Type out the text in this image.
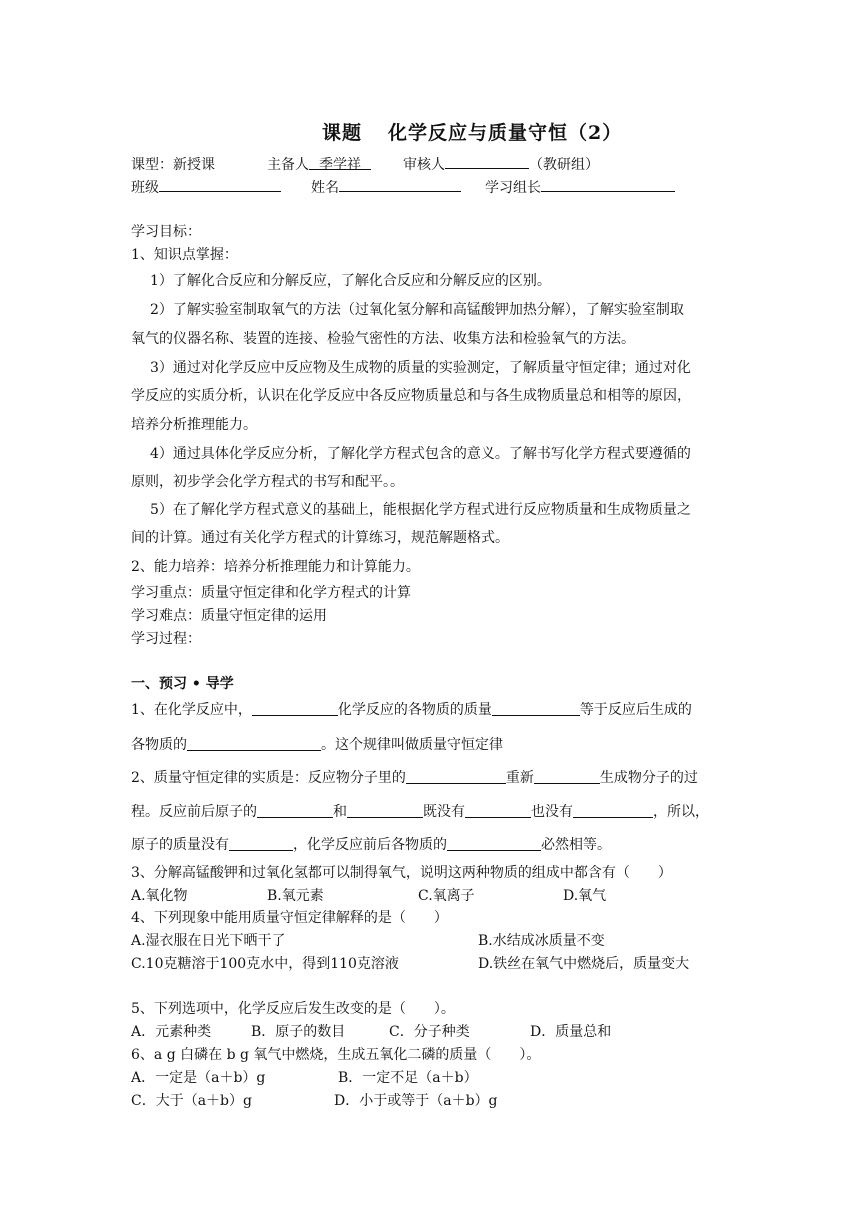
课题 化学反应与质量守恒（2）
课型：新授课	主备人 季学祥	审核人	（教研组）
班级	姓名	学习组长
学习目标：
1、知识点掌握：
1）了解化合反应和分解反应，了解化合反应和分解反应的区别。
2）了解实验室制取氧气的方法（过氧化氢分解和高锰酸钾加热分解），了解实验室制取
氧气的仪器名称、装置的连接、检验气密性的方法、收集方法和检验氧气的方法。
3）通过对化学反应中反应物及生成物的质量的实验测定，了解质量守恒定律；通过对化
学反应的实质分析，认识在化学反应中各反应物质量总和与各生成物质量总和相等的原因，
培养分析推理能力。
4）通过具体化学反应分析，了解化学方程式包含的意义。了解书写化学方程式要遵循的
原则，初步学会化学方程式的书写和配平。。
5）在了解化学方程式意义的基础上，能根据化学方程式进行反应物质量和生成物质量之
间的计算。通过有关化学方程式的计算练习，规范解题格式。
2、能力培养：培养分析推理能力和计算能力。
学习重点：质量守恒定律和化学方程式的计算
学习难点：质量守恒定律的运用
学习过程：
一、预习 • 导学
1、在化学反应中，	化学反应的各物质的质量	等于反应后生成的
各物质的	。这个规律叫做质量守恒定律
2、质量守恒定律的实质是：反应物分子里的	重新	生成物分子的过
程。反应前后原子的	和	既没有	也没有	，所以，
原子的质量没有	，化学反应前后各物质的	必然相等。
3、分解高锰酸钾和过氧化氢都可以制得氧气，说明这两种物质的组成中都含有（　　）
A.氧化物	B.氧元素	C.氧离子	D.氧气
4、下列现象中能用质量守恒定律解释的是（　　）
A.湿衣服在日光下晒干了	B.水结成冰质量不变
C.10克糖溶于100克水中，得到110克溶液	D.铁丝在氧气中燃烧后，质量变大
5、下列选项中，化学反应后发生改变的是（　　）。
A．元素种类	B．原子的数目	C．分子种类	D．质量总和
6、a g 白磷在 b g 氧气中燃烧，生成五氧化二磷的质量（　　）。
A．一定是（a＋b）g	B．一定不足（a＋b）
C．大于（a＋b）g	D．小于或等于（a＋b）g
